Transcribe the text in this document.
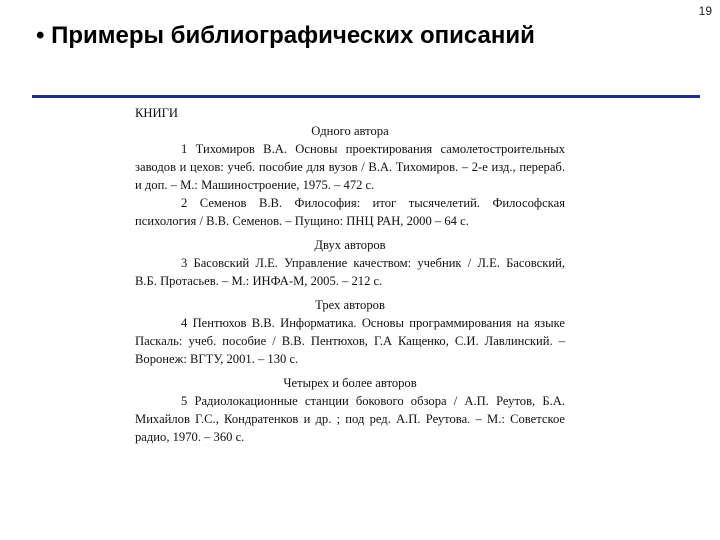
19
• Примеры библиографических описаний
КНИГИ
Одного автора

1 Тихомиров В.А. Основы проектирования самолетостроительных заводов и цехов: учеб. пособие для вузов / В.А. Тихомиров. – 2-е изд., перераб. и доп. – М.: Машиностроение, 1975. – 472 с.

2 Семенов В.В. Философия: итог тысячелетий. Философская психология / В.В. Семенов. – Пущино: ПНЦ РАН, 2000 – 64 с.

Двух авторов

3 Басовский Л.Е. Управление качеством: учебник / Л.Е. Басовский, В.Б. Протасьев. – М.: ИНФА-М, 2005. – 212 с.

Трех авторов

4 Пентюхов В.В. Информатика. Основы программирования на языке Паскаль: учеб. пособие / В.В. Пентюхов, Г.А Кащенко, С.И. Лавлинский. – Воронеж: ВГТУ, 2001. – 130 с.

Четырех и более авторов

5 Радиолокационные станции бокового обзора / А.П. Реутов, Б.А. Михайлов Г.С., Кондратенков и др. ; под ред. А.П. Реутова. – М.: Советское радио, 1970. – 360 с.
